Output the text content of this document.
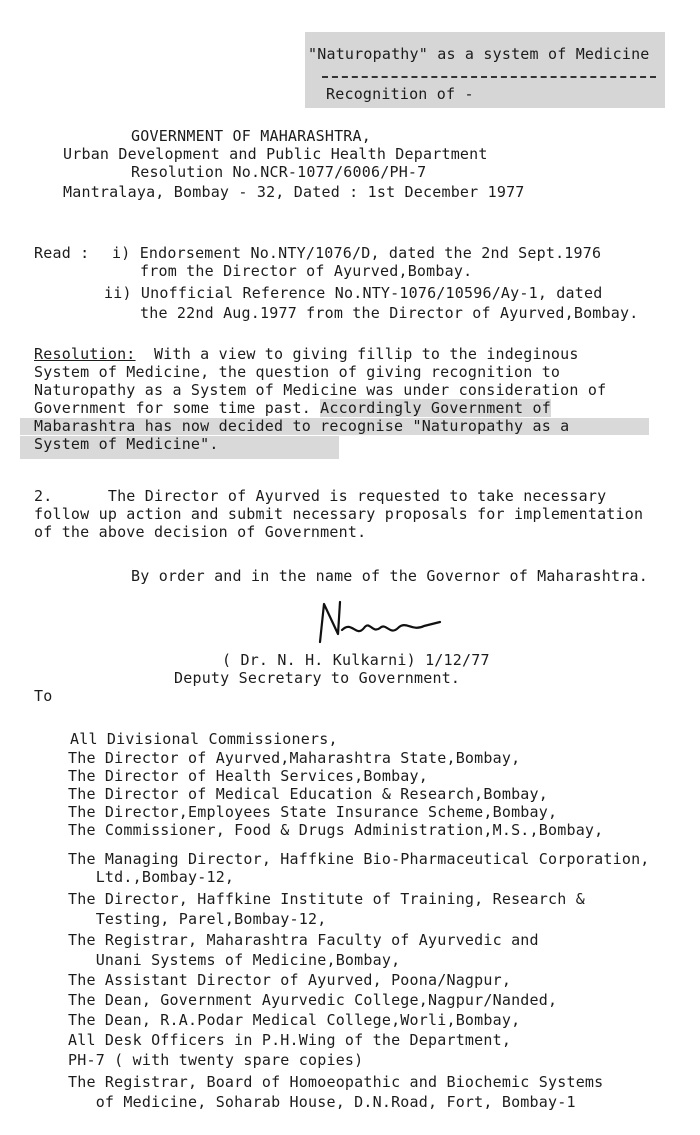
"Naturopathy" as a system of Medicine
Recognition of -
GOVERNMENT OF MAHARASHTRA,
Urban Development and Public Health Department
Resolution No.NCR-1077/6006/PH-7
Mantralaya, Bombay - 32, Dated : 1st December 1977
Read : i) Endorsement No.NTY/1076/D, dated the 2nd Sept.1976
from the Director of Ayurved,Bombay.
ii) Unofficial Reference No.NTY-1076/10596/Ay-1, dated
the 22nd Aug.1977 from the Director of Ayurved,Bombay.
Resolution:  With a view to giving fillip to the indeginous
System of Medicine, the question of giving recognition to
Naturopathy as a System of Medicine was under consideration of
Government for some time past. Accordingly Government of
Mabarashtra has now decided to recognise "Naturopathy as a
System of Medicine".
2.      The Director of Ayurved is requested to take necessary
follow up action and submit necessary proposals for implementation
of the above decision of Government.
By order and in the name of the Governor of Maharashtra.
( Dr. N. H. Kulkarni) 1/12/77
Deputy Secretary to Government.
To
All Divisional Commissioners,
The Director of Ayurved,Maharashtra State,Bombay,
The Director of Health Services,Bombay,
The Director of Medical Education & Research,Bombay,
The Director,Employees State Insurance Scheme,Bombay,
The Commissioner, Food & Drugs Administration,M.S.,Bombay,
The Managing Director, Haffkine Bio-Pharmaceutical Corporation,
Ltd.,Bombay-12,
The Director, Haffkine Institute of Training, Research &
Testing, Parel,Bombay-12,
The Registrar, Maharashtra Faculty of Ayurvedic and
Unani Systems of Medicine,Bombay,
The Assistant Director of Ayurved, Poona/Nagpur,
The Dean, Government Ayurvedic College,Nagpur/Nanded,
The Dean, R.A.Podar Medical College,Worli,Bombay,
All Desk Officers in P.H.Wing of the Department,
PH-7 ( with twenty spare copies)
The Registrar, Board of Homoeopathic and Biochemic Systems
of Medicine, Soharab House, D.N.Road, Fort, Bombay-1
